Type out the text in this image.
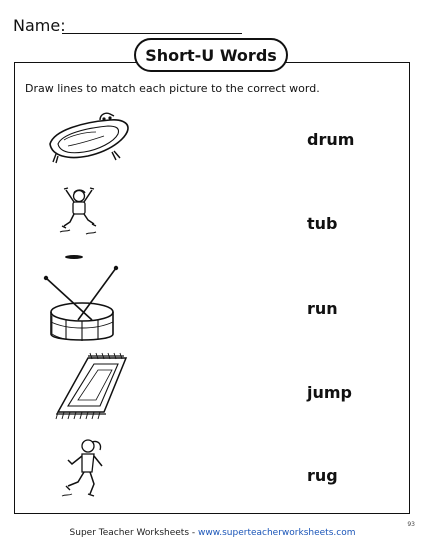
Name:
Short-U Words
Draw lines to match each picture to the correct word.
drum
tub
run
jump
rug
Super Teacher Worksheets - www.superteacherworksheets.com
93
